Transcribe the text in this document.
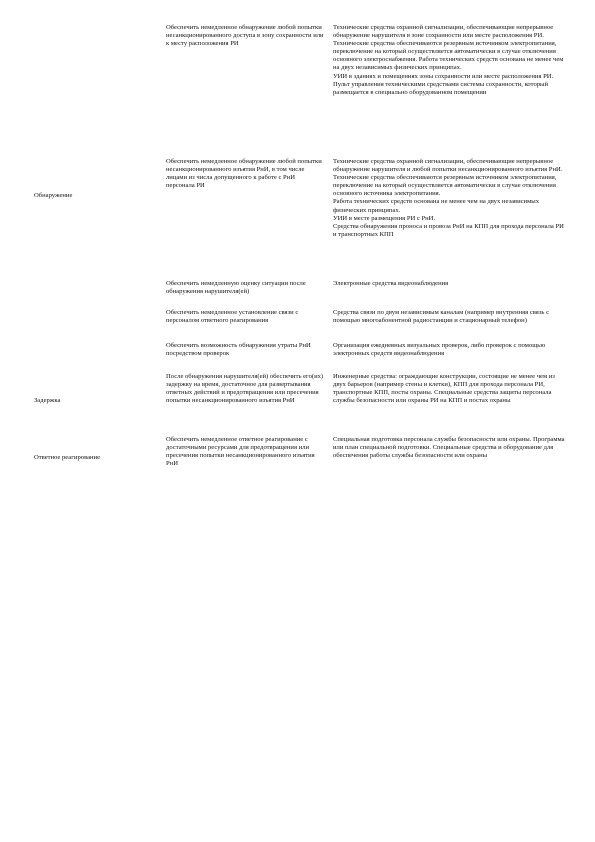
Обеспечить немедленное обнаружение любой попытки несанкционированного доступа в зону сохранности или к месту расположения РИ
Технические средства охранной сигнализации, обеспечивающие непрерывное обнаружение нарушителя в зоне сохранности или месте расположения РИ.
Технические средства обеспечиваются резервным источником электропитания, переключение на который осуществляется автоматически в случае отключения основного электроснабжения. Работа технических средств основана не менее чем на двух независимых физических принципах.
УИИ в зданиях и помещениях зоны сохранности или месте расположения РИ.
Пульт управления техническими средствами системы сохранности, который размещается в специально оборудованном помещении
Обнаружение
Обеспечить немедленное обнаружение любой попытки несанкционированного изъятия РнИ, в том числе лицами из числа допущенного к работе с РнИ персонала РИ
Технические средства охранной сигнализации, обеспечивающие непрерывное обнаружение нарушителя и любой попытки несанкционированного изъятия РнИ.
Технические средства обеспечиваются резервным источником электропитания, переключение на который осуществляется автоматически в случае отключения основного источника электропитания.
Работа технических средств основана не менее чем на двух независимых физических принципах.
УИИ в месте размещения РИ с РнИ.
Средства обнаружения проноса и провоза РнИ на КПП для прохода персонала РИ и транспортных КПП
Обеспечить немедленную оценку ситуации после обнаружения нарушителя(ей)
Электронные средства видеонаблюдения
Обеспечить немедленное установление связи с персоналом ответного реагирования
Средства связи по двум независимым каналам (например внутренняя связь с помощью многоабонентной радиостанции и стационарный телефон)
Обеспечить возможность обнаружения утраты РнИ посредством проверок
Организация ежедневных визуальных проверок, либо проверок с помощью электронных средств видеонаблюдения
Задержка
После обнаружения нарушителя(ей) обеспечить его(их) задержку на время, достаточное для развертывания ответных действий и предотвращения или пресечения попытки несанкционированного изъятия РнИ
Инженерные средства: ограждающие конструкции, состоящие не менее чем из двух барьеров (например стены и клетки), КПП для прохода персонала РИ, транспортные КПП, посты охраны. Специальные средства защиты персонала службы безопасности или охраны РИ на КПП и постах охраны
Ответное реагирование
Обеспечить немедленное ответное реагирование с достаточными ресурсами для предотвращения или пресечения попытки несанкционированного изъятия РнИ
Специальная подготовка персонала службы безопасности или охраны. Программа или план специальной подготовки. Специальные средства и оборудование для обеспечения работы службы безопасности или охраны
